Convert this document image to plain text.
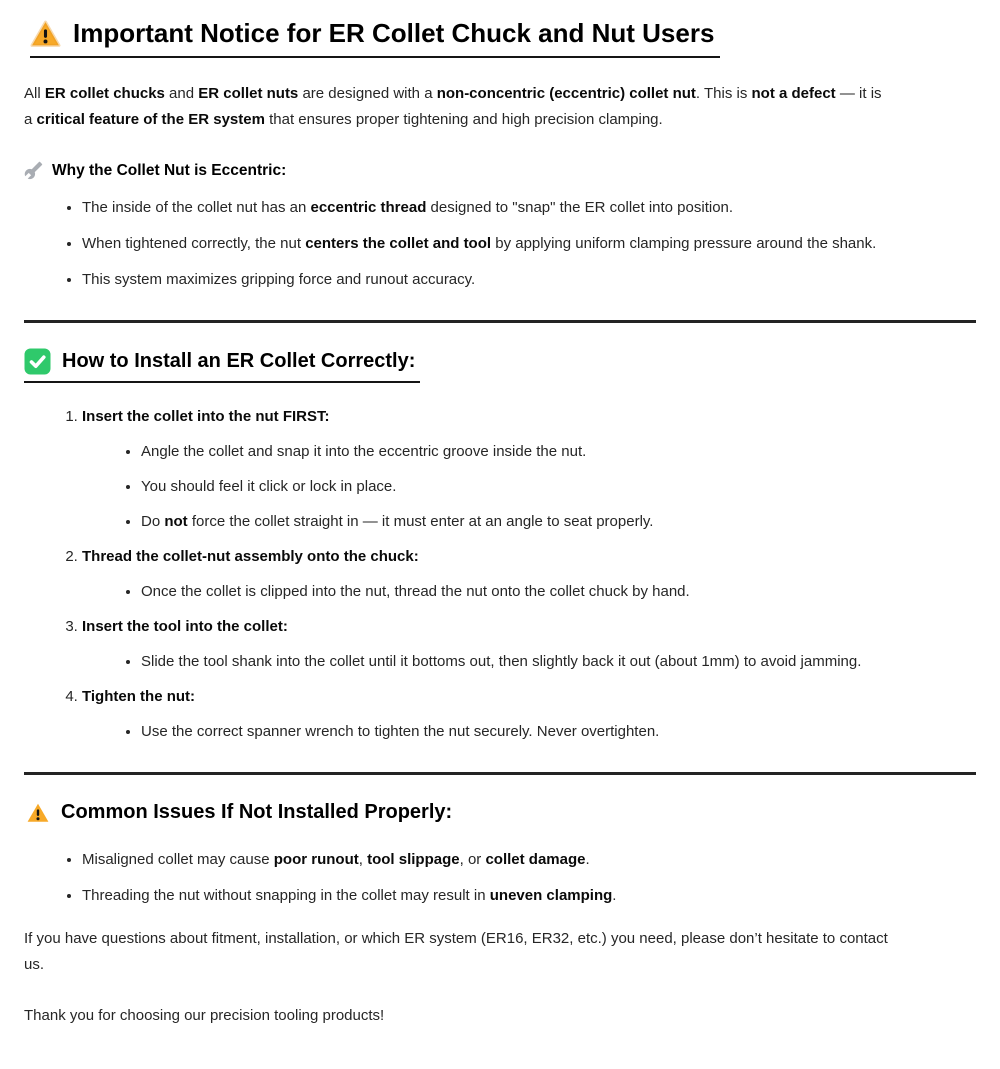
Important Notice for ER Collet Chuck and Nut Users

All ER collet chucks and ER collet nuts are designed with a non-concentric (eccentric) collet nut. This is not a defect — it is
a critical feature of the ER system that ensures proper tightening and high precision clamping.

Why the Collet Nut is Eccentric:
• The inside of the collet nut has an eccentric thread designed to "snap" the ER collet into position.
• When tightened correctly, the nut centers the collet and tool by applying uniform clamping pressure around the shank.
• This system maximizes gripping force and runout accuracy.
How to Install an ER Collet Correctly:
1. Insert the collet into the nut FIRST:
• Angle the collet and snap it into the eccentric groove inside the nut.
• You should feel it click or lock in place.
• Do not force the collet straight in — it must enter at an angle to seat properly.
2. Thread the collet-nut assembly onto the chuck:
• Once the collet is clipped into the nut, thread the nut onto the collet chuck by hand.
3. Insert the tool into the collet:
• Slide the tool shank into the collet until it bottoms out, then slightly back it out (about 1mm) to avoid jamming.
4. Tighten the nut:
• Use the correct spanner wrench to tighten the nut securely. Never overtighten.
Common Issues If Not Installed Properly:
• Misaligned collet may cause poor runout, tool slippage, or collet damage.
• Threading the nut without snapping in the collet may result in uneven clamping.

If you have questions about fitment, installation, or which ER system (ER16, ER32, etc.) you need, please don’t hesitate to contact
us.

Thank you for choosing our precision tooling products!
